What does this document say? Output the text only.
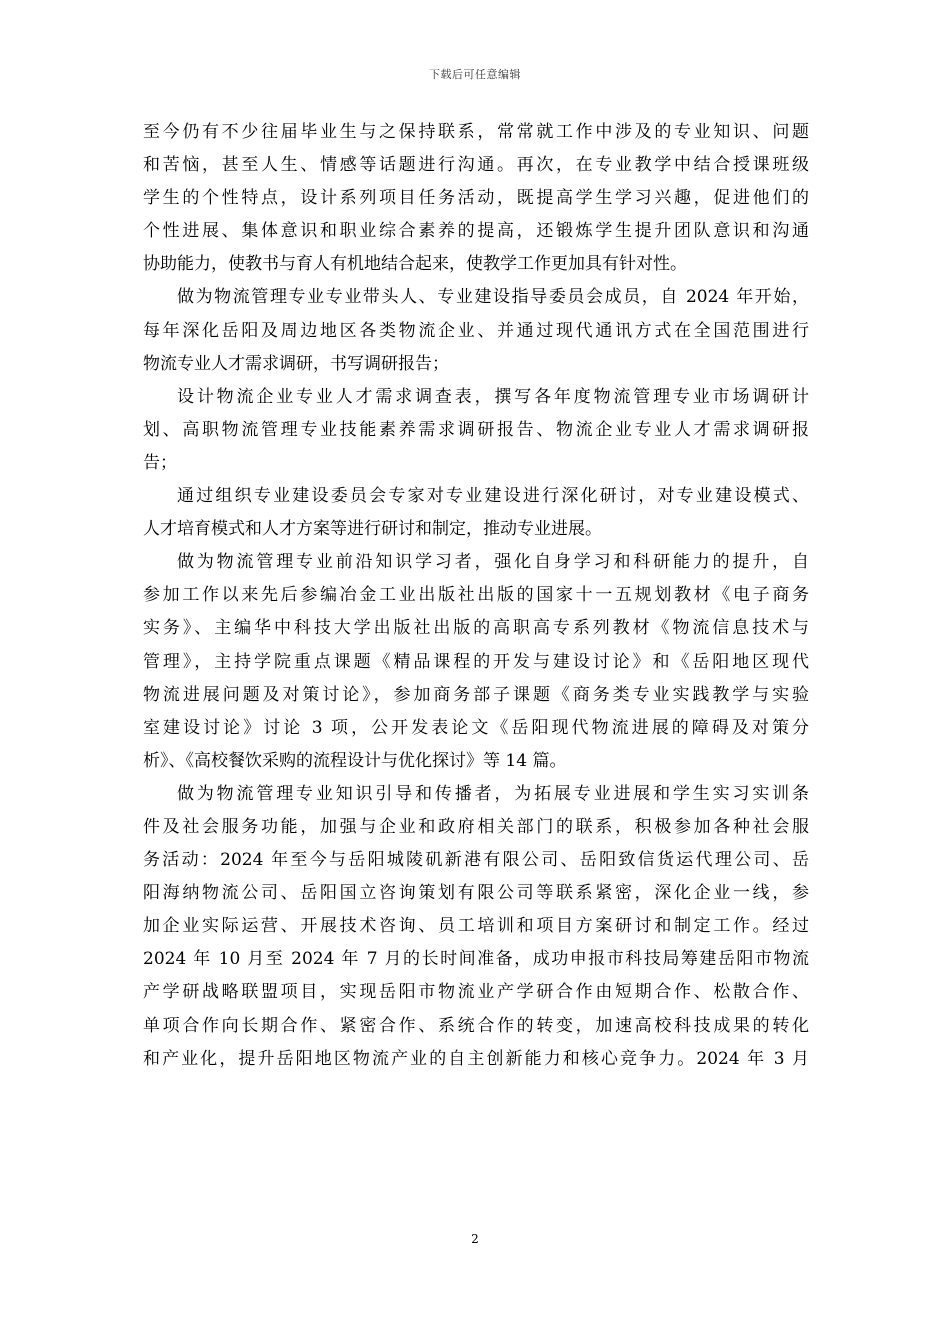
下载后可任意编辑
至今仍有不少往届毕业生与之保持联系，常常就工作中涉及的专业知识、问题
和苦恼，甚至人生、情感等话题进行沟通。再次，在专业教学中结合授课班级
学生的个性特点，设计系列项目任务活动，既提高学生学习兴趣，促进他们的
个性进展、集体意识和职业综合素养的提高，还锻炼学生提升团队意识和沟通
协助能力，使教书与育人有机地结合起来，使教学工作更加具有针对性。
做为物流管理专业专业带头人、专业建设指导委员会成员，自 2024 年开始，
每年深化岳阳及周边地区各类物流企业、并通过现代通讯方式在全国范围进行
物流专业人才需求调研，书写调研报告；
设计物流企业专业人才需求调查表，撰写各年度物流管理专业市场调研计
划、高职物流管理专业技能素养需求调研报告、物流企业专业人才需求调研报
告；
通过组织专业建设委员会专家对专业建设进行深化研讨，对专业建设模式、
人才培育模式和人才方案等进行研讨和制定，推动专业进展。
做为物流管理专业前沿知识学习者，强化自身学习和科研能力的提升，自
参加工作以来先后参编冶金工业出版社出版的国家十一五规划教材《电子商务
实务》、主编华中科技大学出版社出版的高职高专系列教材《物流信息技术与
管理》，主持学院重点课题《精品课程的开发与建设讨论》和《岳阳地区现代
物流进展问题及对策讨论》，参加商务部子课题《商务类专业实践教学与实验
室建设讨论》讨论 3 项，公开发表论文《岳阳现代物流进展的障碍及对策分
析》、《高校餐饮采购的流程设计与优化探讨》等 14 篇。
做为物流管理专业知识引导和传播者，为拓展专业进展和学生实习实训条
件及社会服务功能，加强与企业和政府相关部门的联系，积极参加各种社会服
务活动：2024 年至今与岳阳城陵矶新港有限公司、岳阳致信货运代理公司、岳
阳海纳物流公司、岳阳国立咨询策划有限公司等联系紧密，深化企业一线，参
加企业实际运营、开展技术咨询、员工培训和项目方案研讨和制定工作。经过
2024 年 10 月至 2024 年 7 月的长时间准备，成功申报市科技局筹建岳阳市物流
产学研战略联盟项目，实现岳阳市物流业产学研合作由短期合作、松散合作、
单项合作向长期合作、紧密合作、系统合作的转变，加速高校科技成果的转化
和产业化，提升岳阳地区物流产业的自主创新能力和核心竞争力。2024 年 3 月
2
